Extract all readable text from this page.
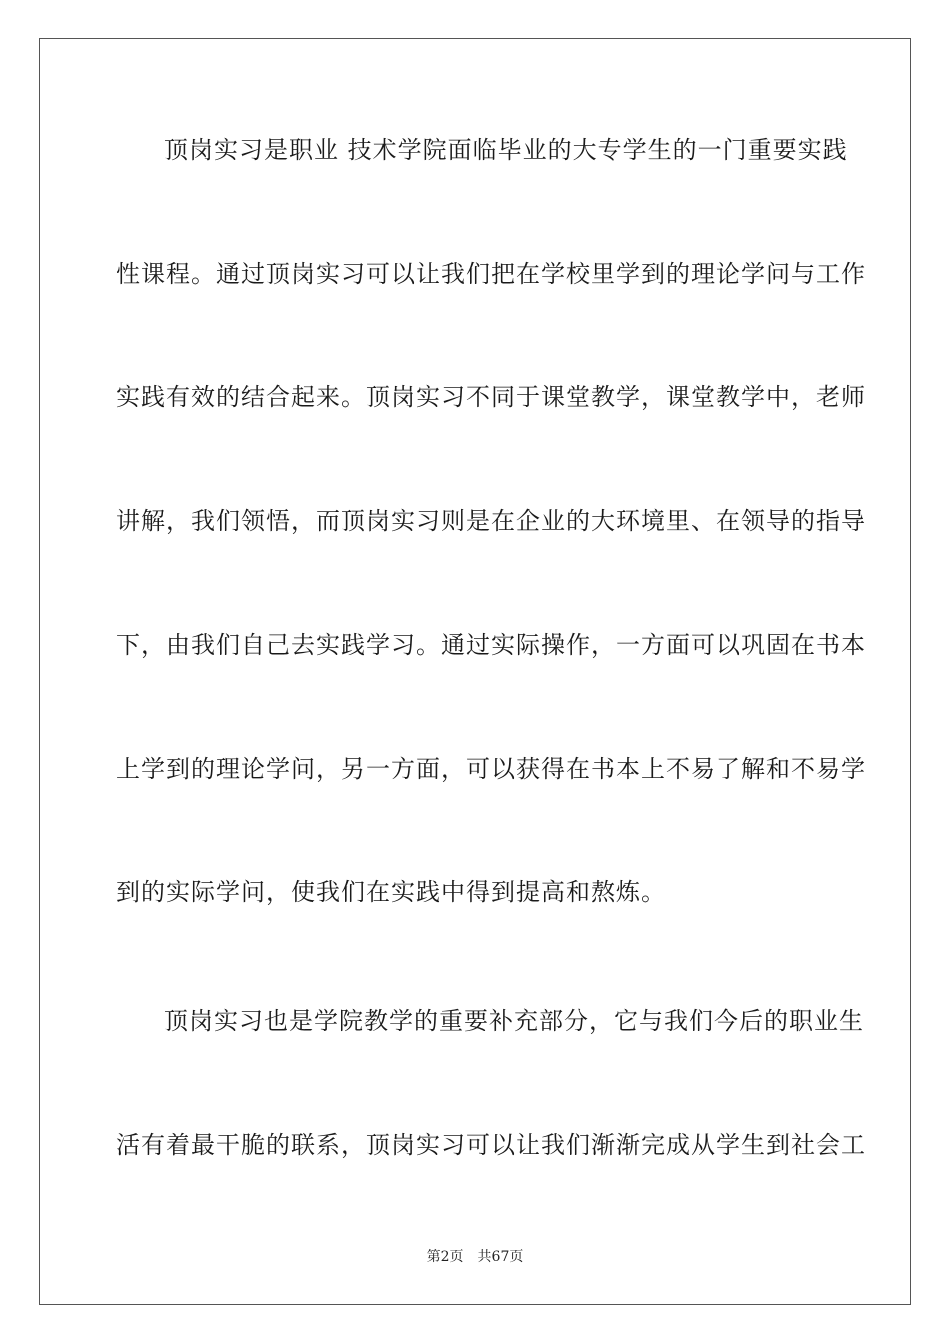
顶岗实习是职业 技术学院面临毕业的大专学生的一门重要实践
性课程。通过顶岗实习可以让我们把在学校里学到的理论学问与工作
实践有效的结合起来。顶岗实习不同于课堂教学，课堂教学中，老师
讲解，我们领悟，而顶岗实习则是在企业的大环境里、在领导的指导
下，由我们自己去实践学习。通过实际操作，一方面可以巩固在书本
上学到的理论学问，另一方面，可以获得在书本上不易了解和不易学
到的实际学问，使我们在实践中得到提高和熬炼。
顶岗实习也是学院教学的重要补充部分，它与我们今后的职业生
活有着最干脆的联系，顶岗实习可以让我们渐渐完成从学生到社会工
第2页 共67页
